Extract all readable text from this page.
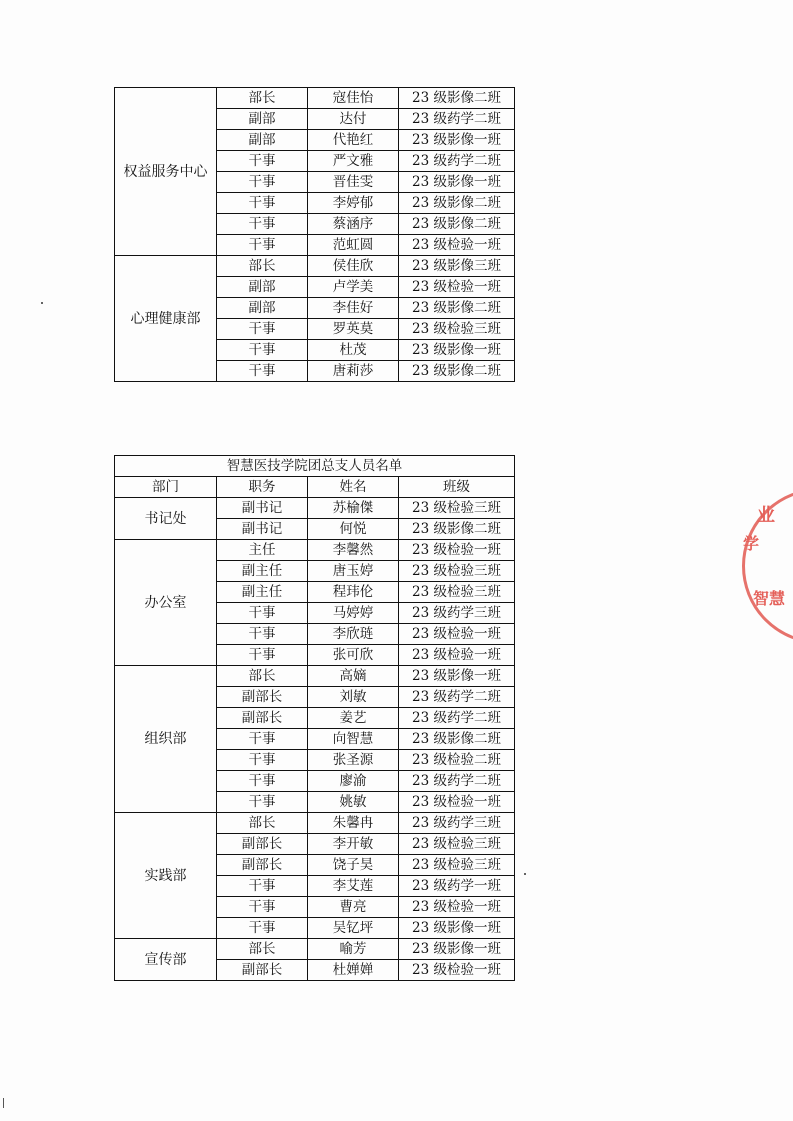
权益服务中心	部长	寇佳怡	23 级影像二班
	副部	达付	23 级药学二班
	副部	代艳红	23 级影像一班
	干事	严文雅	23 级药学二班
	干事	晋佳雯	23 级影像一班
	干事	李婷郁	23 级影像二班
	干事	蔡涵序	23 级影像二班
	干事	范虹圆	23 级检验一班
心理健康部	部长	侯佳欣	23 级影像三班
	副部	卢学美	23 级检验一班
	副部	李佳好	23 级影像二班
	干事	罗英莫	23 级检验三班
	干事	杜茂	23 级影像一班
	干事	唐莉莎	23 级影像二班
智慧医技学院团总支人员名单			
部门	职务	姓名	班级
书记处	副书记	苏榆傑	23 级检验三班
	副书记	何悦	23 级影像二班
办公室	主任	李馨然	23 级检验一班
	副主任	唐玉婷	23 级检验三班
	副主任	程玮伦	23 级检验三班
	干事	马婷婷	23 级药学三班
	干事	李欣琏	23 级检验一班
	干事	张可欣	23 级检验一班
组织部	部长	高嫡	23 级影像一班
	副部长	刘敏	23 级药学二班
	副部长	姜艺	23 级药学二班
	干事	向智慧	23 级影像二班
	干事	张圣源	23 级检验二班
	干事	廖渝	23 级药学二班
	干事	姚敏	23 级检验一班
实践部	部长	朱馨冉	23 级药学三班
	副部长	李开敏	23 级检验三班
	副部长	饶子昊	23 级检验三班
	干事	李艾莲	23 级药学一班
	干事	曹亮	23 级检验一班
	干事	吴钇坪	23 级影像一班
宣传部	部长	喻芳	23 级影像一班
	副部长	杜婵婵	23 级检验一班
业
学
智慧
